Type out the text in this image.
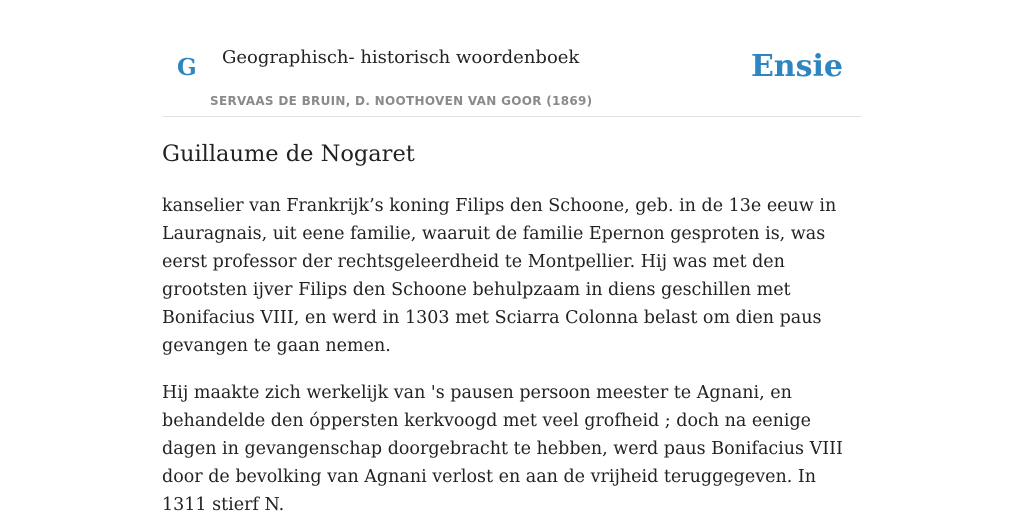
G Geographisch- historisch woordenboek
SERVAAS DE BRUIN, D. NOOTHOVEN VAN GOOR (1869)
Ensie
Guillaume de Nogaret

kanselier van Frankrijk’s koning Filips den Schoone, geb. in de 13e eeuw in Lauragnais, uit eene familie, waaruit de familie Epernon gesproten is, was eerst professor der rechtsgeleerdheid te Montpellier. Hij was met den grootsten ijver Filips den Schoone behulpzaam in diens geschillen met Bonifacius VIII, en werd in 1303 met Sciarra Colonna belast om dien paus gevangen te gaan nemen.

Hij maakte zich werkelijk van 's pausen persoon meester te Agnani, en behandelde den óppersten kerkvoogd met veel grofheid ; doch na eenige dagen in gevangenschap doorgebracht te hebben, werd paus Bonifacius VIII door de bevolking van Agnani verlost en aan de vrijheid teruggegeven. In 1311 stierf N.
